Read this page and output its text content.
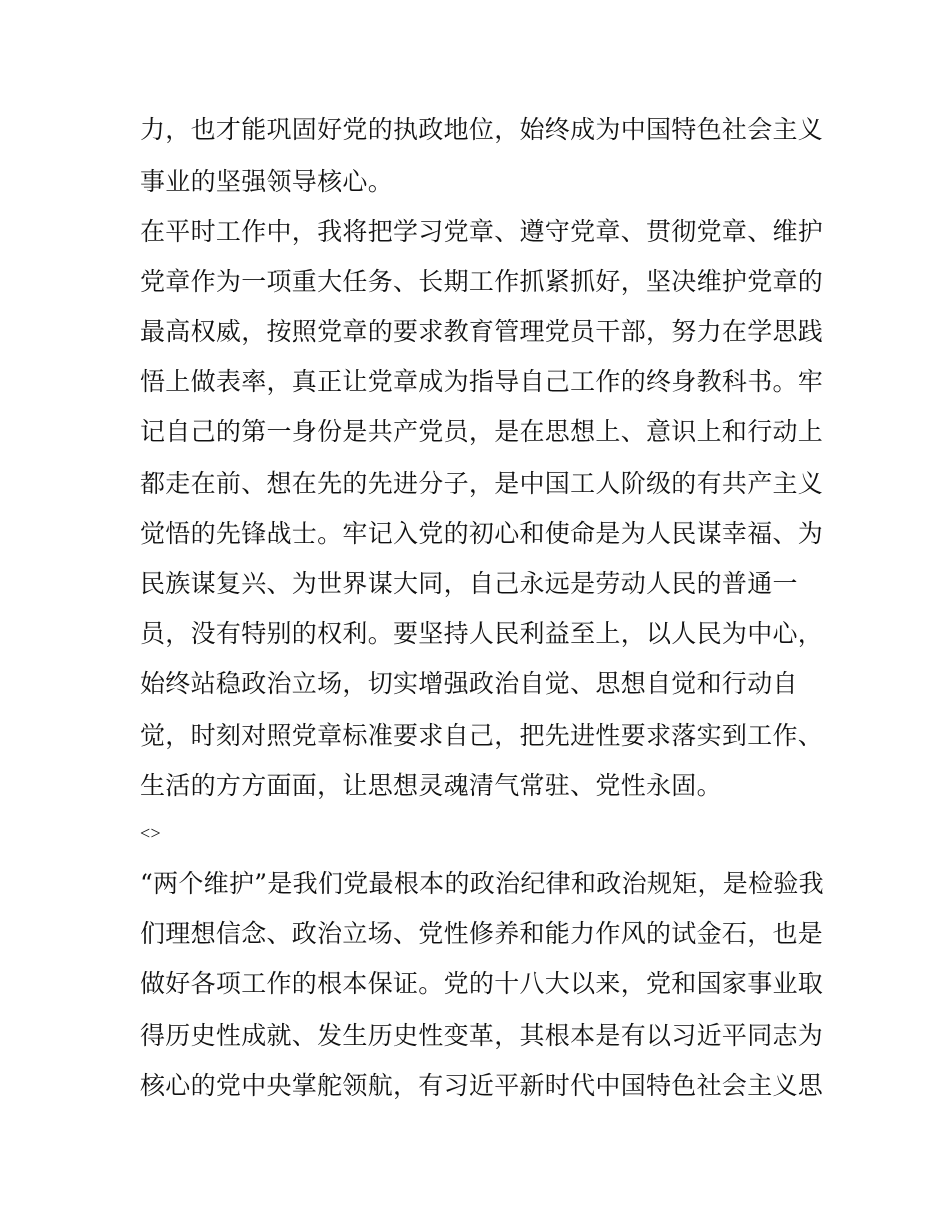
力，也才能巩固好党的执政地位，始终成为中国特色社会主义
事业的坚强领导核心。
在平时工作中，我将把学习党章、遵守党章、贯彻党章、维护
党章作为一项重大任务、长期工作抓紧抓好，坚决维护党章的
最高权威，按照党章的要求教育管理党员干部，努力在学思践
悟上做表率，真正让党章成为指导自己工作的终身教科书。牢
记自己的第一身份是共产党员，是在思想上、意识上和行动上
都走在前、想在先的先进分子，是中国工人阶级的有共产主义
觉悟的先锋战士。牢记入党的初心和使命是为人民谋幸福、为
民族谋复兴、为世界谋大同，自己永远是劳动人民的普通一
员，没有特别的权利。要坚持人民利益至上，以人民为中心，
始终站稳政治立场，切实增强政治自觉、思想自觉和行动自
觉，时刻对照党章标准要求自己，把先进性要求落实到工作、
生活的方方面面，让思想灵魂清气常驻、党性永固。
<>
“两个维护”是我们党最根本的政治纪律和政治规矩，是检验我
们理想信念、政治立场、党性修养和能力作风的试金石，也是
做好各项工作的根本保证。党的十八大以来，党和国家事业取
得历史性成就、发生历史性变革，其根本是有以习近平同志为
核心的党中央掌舵领航，有习近平新时代中国特色社会主义思
